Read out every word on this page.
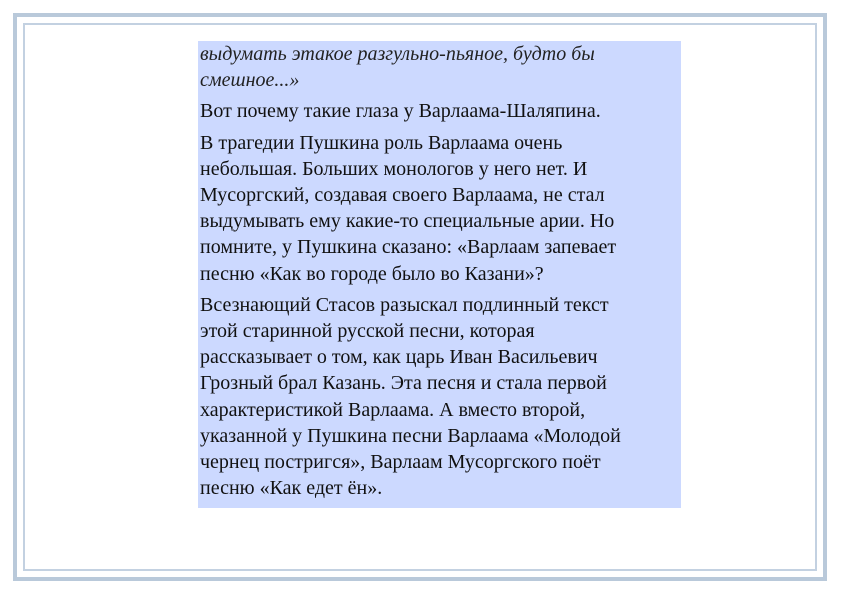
выдумать этакое разгульно-пьяное, будто бы
смешное...»

Вот почему такие глаза у Варлаама-Шаляпина.

В трагедии Пушкина роль Варлаама очень
небольшая. Больших монологов у него нет. И
Мусоргский, создавая своего Варлаама, не стал
выдумывать ему какие-то специальные арии. Но
помните, у Пушкина сказано: «Варлаам запевает
песню «Как во городе было во Казани»?

Всезнающий Стасов разыскал подлинный текст
этой старинной русской песни, которая
рассказывает о том, как царь Иван Васильевич
Грозный брал Казань. Эта песня и стала первой
характеристикой Варлаама. А вместо второй,
указанной у Пушкина песни Варлаама «Молодой
чернец постригся», Варлаам Мусоргского поёт
песню «Как едет ён».
